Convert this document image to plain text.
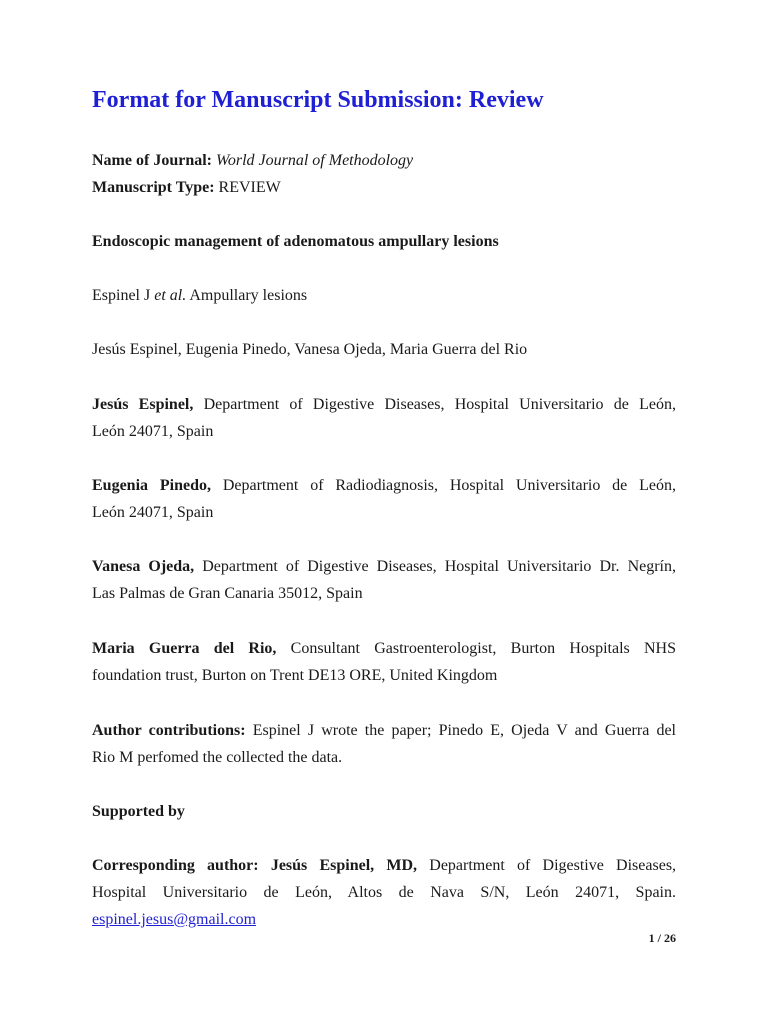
Format for Manuscript Submission: Review
Name of Journal: World Journal of Methodology
Manuscript Type: REVIEW
Endoscopic management of adenomatous ampullary lesions
Espinel J et al. Ampullary lesions
Jesús Espinel, Eugenia Pinedo, Vanesa Ojeda, Maria Guerra del Rio
Jesús Espinel, Department of Digestive Diseases, Hospital Universitario de León,
León 24071, Spain
Eugenia Pinedo, Department of Radiodiagnosis, Hospital Universitario de León,
León 24071, Spain
Vanesa Ojeda, Department of Digestive Diseases, Hospital Universitario Dr. Negrín,
Las Palmas de Gran Canaria 35012, Spain
Maria Guerra del Rio, Consultant Gastroenterologist, Burton Hospitals NHS
foundation trust, Burton on Trent DE13 ORE, United Kingdom
Author contributions: Espinel J wrote the paper; Pinedo E, Ojeda V and Guerra del
Rio M perfomed the collected the data.
Supported by
Corresponding author: Jesús Espinel, MD, Department of Digestive Diseases,
Hospital Universitario de León, Altos de Nava S/N, León 24071, Spain.
espinel.jesus@gmail.com
1 / 26
